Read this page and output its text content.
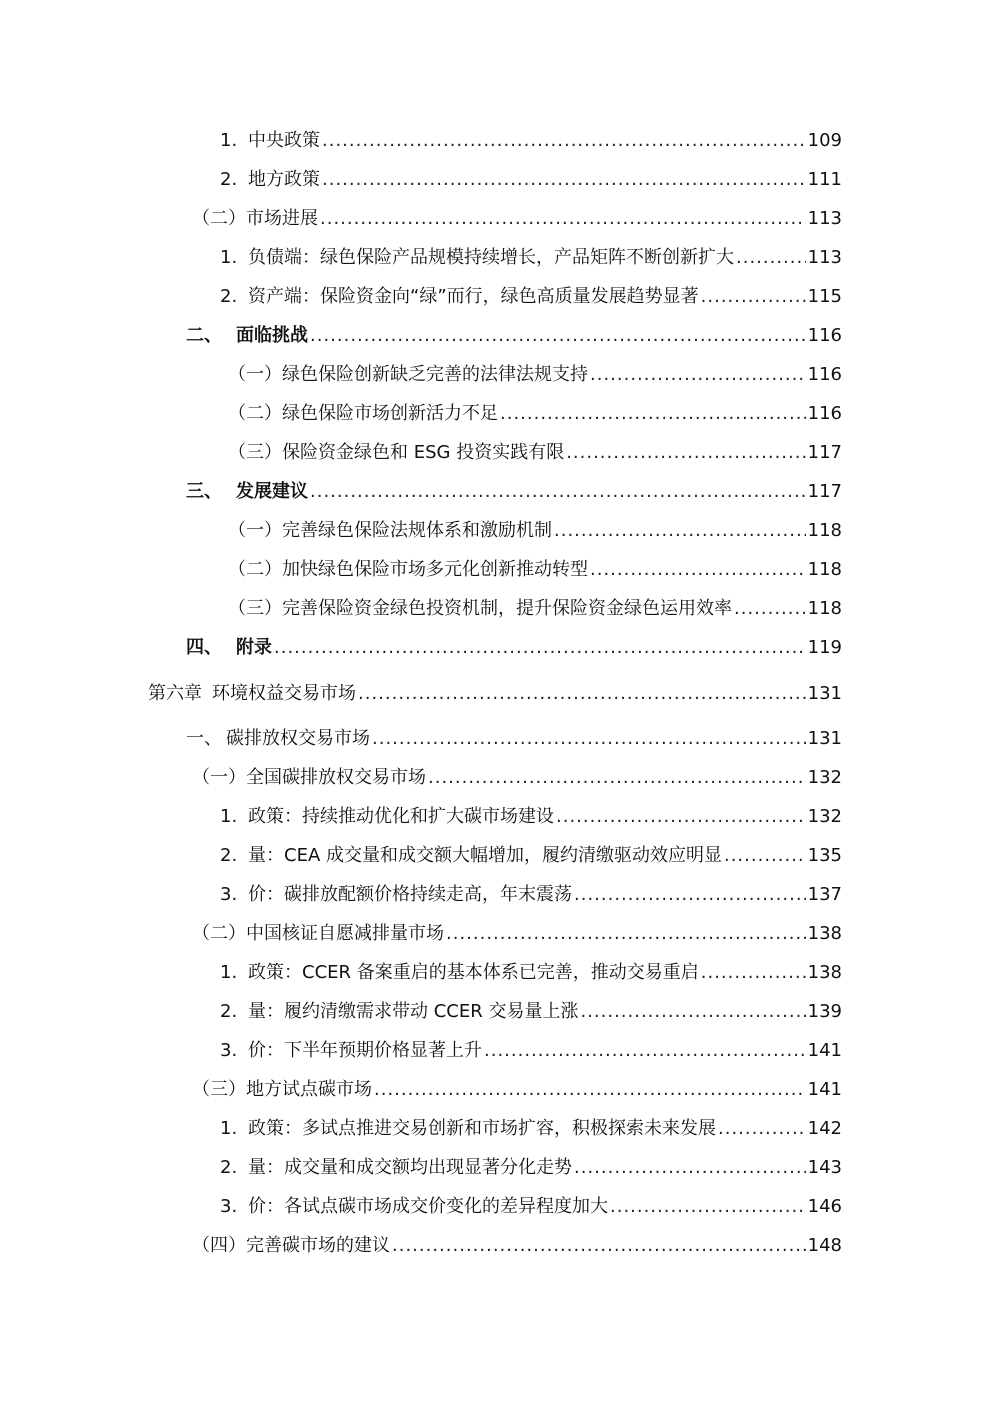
1. 中央政策 .....	109
2. 地方政策 .....	111
（二） 市场进展 .....	113
1. 负债端：绿色保险产品规模持续增长，产品矩阵不断创新扩大 .....	113
2. 资产端：保险资金向“绿”而行，绿色高质量发展趋势显著 .....	115
二、 面临挑战 .....	116
（一） 绿色保险创新缺乏完善的法律法规支持 .....	116
（二） 绿色保险市场创新活力不足 .....	116
（三） 保险资金绿色和 ESG 投资实践有限 .....	117
三、 发展建议 .....	117
（一） 完善绿色保险法规体系和激励机制 .....	118
（二） 加快绿色保险市场多元化创新推动转型 .....	118
（三） 完善保险资金绿色投资机制，提升保险资金绿色运用效率 .....	118
四、 附录 .....	119
第六章 环境权益交易市场 .....	131
一、 碳排放权交易市场 .....	131
（一） 全国碳排放权交易市场 .....	132
1. 政策：持续推动优化和扩大碳市场建设 .....	132
2. 量：CEA 成交量和成交额大幅增加，履约清缴驱动效应明显 .....	135
3. 价：碳排放配额价格持续走高，年末震荡 .....	137
（二） 中国核证自愿减排量市场 .....	138
1. 政策：CCER 备案重启的基本体系已完善，推动交易重启 .....	138
2. 量：履约清缴需求带动 CCER 交易量上涨 .....	139
3. 价：下半年预期价格显著上升 .....	141
（三） 地方试点碳市场 .....	141
1. 政策：多试点推进交易创新和市场扩容，积极探索未来发展 .....	142
2. 量：成交量和成交额均出现显著分化走势 .....	143
3. 价：各试点碳市场成交价变化的差异程度加大 .....	146
（四） 完善碳市场的建议 .....	148
